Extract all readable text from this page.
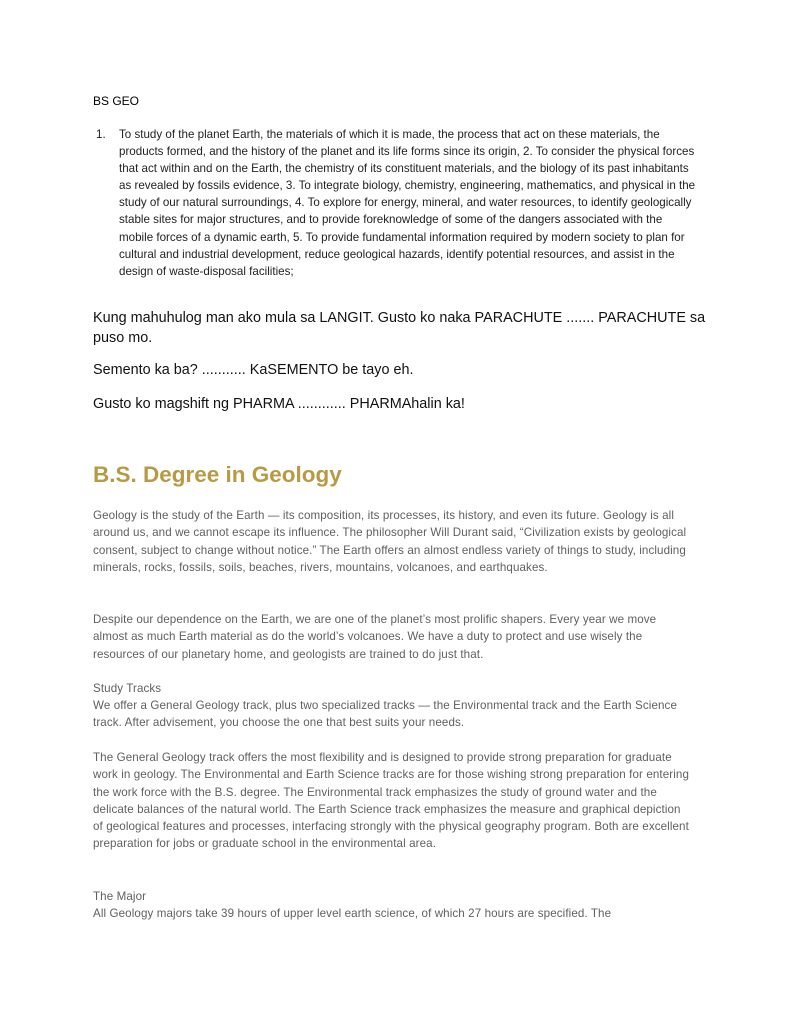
BS GEO
1. To study of the planet Earth, the materials of which it is made, the process that act on these materials, the products formed, and the history of the planet and its life forms since its origin, 2. To consider the physical forces that act within and on the Earth, the chemistry of its constituent materials, and the biology of its past inhabitants as revealed by fossils evidence, 3. To integrate biology, chemistry, engineering, mathematics, and physical in the study of our natural surroundings, 4. To explore for energy, mineral, and water resources, to identify geologically stable sites for major structures, and to provide foreknowledge of some of the dangers associated with the mobile forces of a dynamic earth, 5. To provide fundamental information required by modern society to plan for cultural and industrial development, reduce geological hazards, identify potential resources, and assist in the design of waste-disposal facilities;
Kung mahuhulog man ako mula sa LANGIT. Gusto ko naka PARACHUTE ....... PARACHUTE sa puso mo.
Semento ka ba? ........... KaSEMENTO be tayo eh.
Gusto ko magshift ng PHARMA ............ PHARMAhalin ka!
B.S. Degree in Geology
Geology is the study of the Earth — its composition, its processes, its history, and even its future. Geology is all around us, and we cannot escape its influence. The philosopher Will Durant said, “Civilization exists by geological consent, subject to change without notice.” The Earth offers an almost endless variety of things to study, including minerals, rocks, fossils, soils, beaches, rivers, mountains, volcanoes, and earthquakes.
Despite our dependence on the Earth, we are one of the planet’s most prolific shapers. Every year we move almost as much Earth material as do the world’s volcanoes. We have a duty to protect and use wisely the resources of our planetary home, and geologists are trained to do just that.
Study Tracks
We offer a General Geology track, plus two specialized tracks — the Environmental track and the Earth Science track. After advisement, you choose the one that best suits your needs.
The General Geology track offers the most flexibility and is designed to provide strong preparation for graduate work in geology. The Environmental and Earth Science tracks are for those wishing strong preparation for entering the work force with the B.S. degree. The Environmental track emphasizes the study of ground water and the delicate balances of the natural world. The Earth Science track emphasizes the measure and graphical depiction of geological features and processes, interfacing strongly with the physical geography program. Both are excellent preparation for jobs or graduate school in the environmental area.
The Major
All Geology majors take 39 hours of upper level earth science, of which 27 hours are specified. The
